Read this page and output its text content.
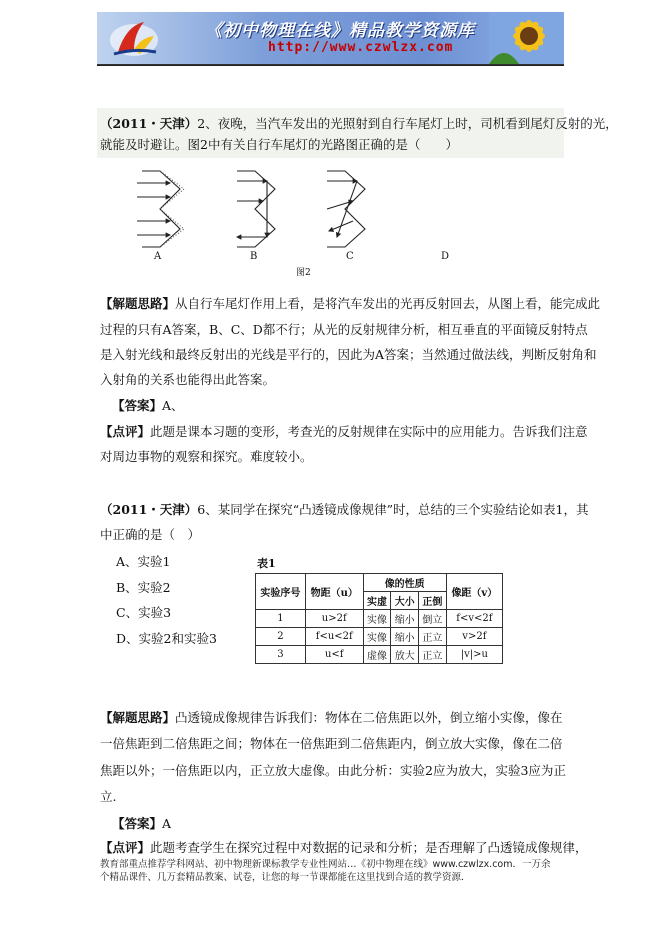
《初中物理在线》精品教学资源库
http://www.czwlzx.com
（2011・天津）2、夜晚，当汽车发出的光照射到自行车尾灯上时，司机看到尾灯反射的光，
就能及时避让。图2中有关自行车尾灯的光路图正确的是（　　）
A	B	C	D
图2
【解题思路】从自行车尾灯作用上看，是将汽车发出的光再反射回去，从图上看，能完成此
过程的只有A答案，B、C、D都不行；从光的反射规律分析，相互垂直的平面镜反射特点
是入射光线和最终反射出的光线是平行的，因此为A答案；当然通过做法线，判断反射角和
入射角的关系也能得出此答案。
【答案】A、
【点评】此题是课本习题的变形，考查光的反射规律在实际中的应用能力。告诉我们注意
对周边事物的观察和探究。难度较小。
（2011・天津）6、某同学在探究“凸透镜成像规律”时，总结的三个实验结论如表1，其
中正确的是（　）
A、实验1
B、实验2
C、实验3
D、实验2和实验3
表1
实验序号	物距（u）	像的性质			像距（v）
		实虚	大小	正倒	
1	u>2f	实像	缩小	倒立	f<v<2f
2	f<u<2f	实像	缩小	正立	v>2f
3	u<f	虚像	放大	正立	|v|>u
【解题思路】凸透镜成像规律告诉我们：物体在二倍焦距以外，倒立缩小实像，像在
一倍焦距到二倍焦距之间；物体在一倍焦距到二倍焦距内，倒立放大实像，像在二倍
焦距以外；一倍焦距以内，正立放大虚像。由此分析：实验2应为放大，实验3应为正
立.
【答案】A
【点评】此题考查学生在探究过程中对数据的记录和分析；是否理解了凸透镜成像规律，
教育部重点推荐学科网站、初中物理新课标教学专业性网站…《初中物理在线》www.czwlzx.com．一万余
个精品课件、几万套精品教案、试卷，让您的每一节课都能在这里找到合适的教学资源．
